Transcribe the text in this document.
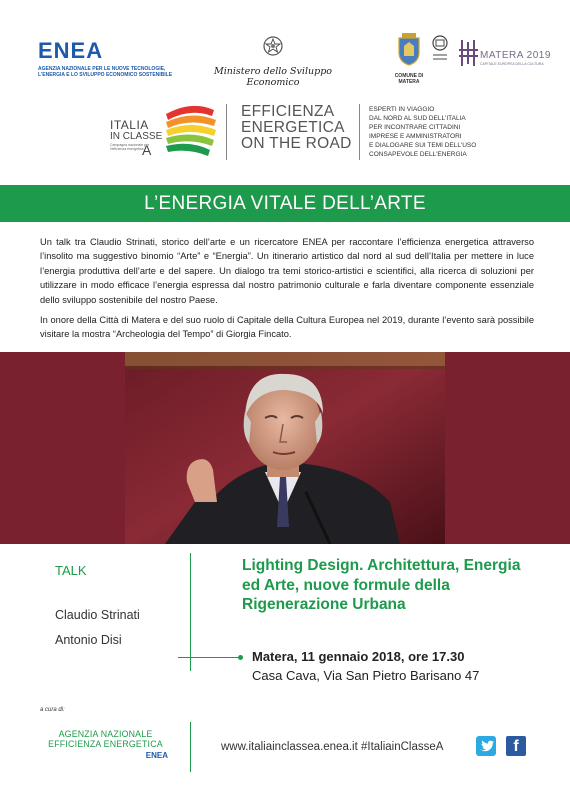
ENEA
AGENZIA NAZIONALE PER LE NUOVE TECNOLOGIE,
L'ENERGIA E LO SVILUPPO ECONOMICO SOSTENIBILE	Ministero dello Sviluppo Economico
COMUNE DI MATERA
MATERA 2019
CAPITALE EUROPEA DELLA CULTURA
ITALIA
IN CLASSE
Campagna nazionale per l'efficienza energetica
A
EFFICIENZA
ENERGETICA
ON THE ROAD
ESPERTI IN VIAGGIO
DAL NORD AL SUD DELL'ITALIA
PER INCONTRARE CITTADINI
IMPRESE E AMMINISTRATORI
E DIALOGARE SUI TEMI DELL'USO
CONSAPEVOLE DELL'ENERGIA
L’ENERGIA VITALE DELL’ARTE

Un talk tra Claudio Strinati, storico dell’arte e un ricercatore ENEA per raccontare l’efficienza energetica attraverso l’insolito ma suggestivo binomio “Arte” e “Energia”. Un itinerario artistico dal nord al sud dell’Italia per mettere in luce l’energia produttiva dell’arte e del sapere. Un dialogo tra temi storico-artistici e scientifici, alla ricerca di soluzioni per utilizzare in modo efficace l’energia espressa dal nostro patrimonio culturale e farla diventare componente essenziale dello sviluppo sostenibile del nostro Paese.

In onore della Città di Matera e del suo ruolo di Capitale della Cultura Europea nel 2019, durante l’evento sarà possibile visitare la mostra “Archeologia del Tempo” di Giorgia Fincato.

TALK
Claudio Strinati
Antonio Disi
Lighting Design. Architettura, Energia ed Arte, nuove formule della Rigenerazione Urbana
Matera, 11 gennaio 2018, ore 17.30
Casa Cava, Via San Pietro Barisano 47
a cura di:
AGENZIA NAZIONALE
EFFICIENZA ENERGETICA
ENEA
www.italiainclassea.enea.it #ItaliainClasseA	f
